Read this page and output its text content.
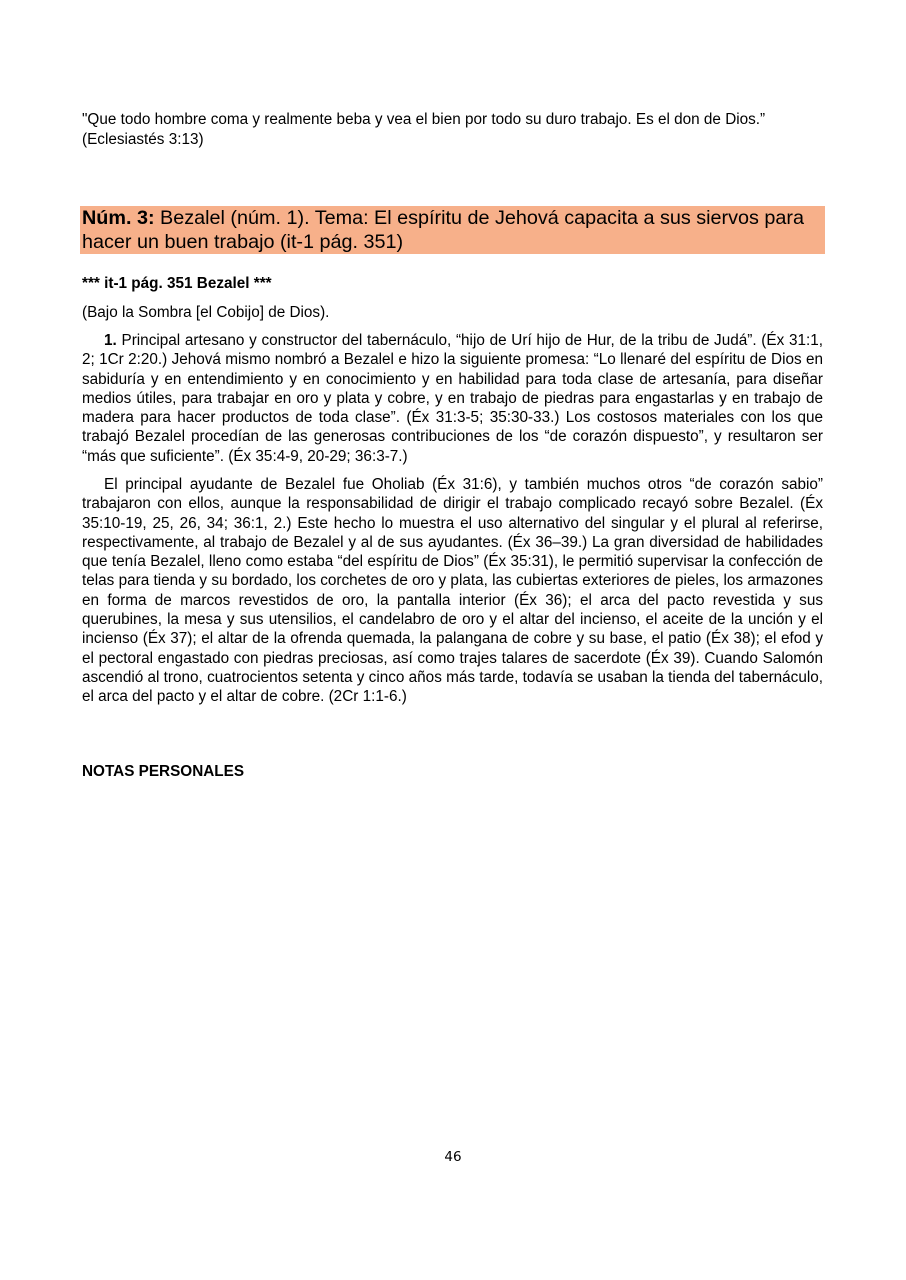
"Que todo hombre coma y realmente beba y vea el bien por todo su duro trabajo. Es el don de Dios.” (Eclesiastés 3:13)
Núm. 3: Bezalel (núm. 1). Tema: El espíritu de Jehová capacita a sus siervos para hacer un buen trabajo (it-1 pág. 351)
*** it-1 pág. 351 Bezalel ***
(Bajo la Sombra [el Cobijo] de Dios).

1. Principal artesano y constructor del tabernáculo, “hijo de Urí hijo de Hur, de la tribu de Judá”. (Éx 31:1, 2; 1Cr 2:20.) Jehová mismo nombró a Bezalel e hizo la siguiente promesa: “Lo llenaré del espíritu de Dios en sabiduría y en entendimiento y en conocimiento y en habilidad para toda clase de artesanía, para diseñar medios útiles, para trabajar en oro y plata y cobre, y en trabajo de piedras para engastarlas y en trabajo de madera para hacer productos de toda clase”. (Éx 31:3-5; 35:30-33.) Los costosos materiales con los que trabajó Bezalel procedían de las generosas contribuciones de los “de corazón dispuesto”, y resultaron ser “más que suficiente”. (Éx 35:4-9, 20-29; 36:3-7.)

El principal ayudante de Bezalel fue Oholiab (Éx 31:6), y también muchos otros “de corazón sabio” trabajaron con ellos, aunque la responsabilidad de dirigir el trabajo complicado recayó sobre Bezalel. (Éx 35:10-19, 25, 26, 34; 36:1, 2.) Este hecho lo muestra el uso alternativo del singular y el plural al referirse, respectivamente, al trabajo de Bezalel y al de sus ayudantes. (Éx 36–39.) La gran diversidad de habilidades que tenía Bezalel, lleno como estaba “del espíritu de Dios” (Éx 35:31), le permitió supervisar la confección de telas para tienda y su bordado, los corchetes de oro y plata, las cubiertas exteriores de pieles, los armazones en forma de marcos revestidos de oro, la pantalla interior (Éx 36); el arca del pacto revestida y sus querubines, la mesa y sus utensilios, el candelabro de oro y el altar del incienso, el aceite de la unción y el incienso (Éx 37); el altar de la ofrenda quemada, la palangana de cobre y su base, el patio (Éx 38); el efod y el pectoral engastado con piedras preciosas, así como trajes talares de sacerdote (Éx 39). Cuando Salomón ascendió al trono, cuatrocientos setenta y cinco años más tarde, todavía se usaban la tienda del tabernáculo, el arca del pacto y el altar de cobre. (2Cr 1:1-6.)

NOTAS PERSONALES
46
